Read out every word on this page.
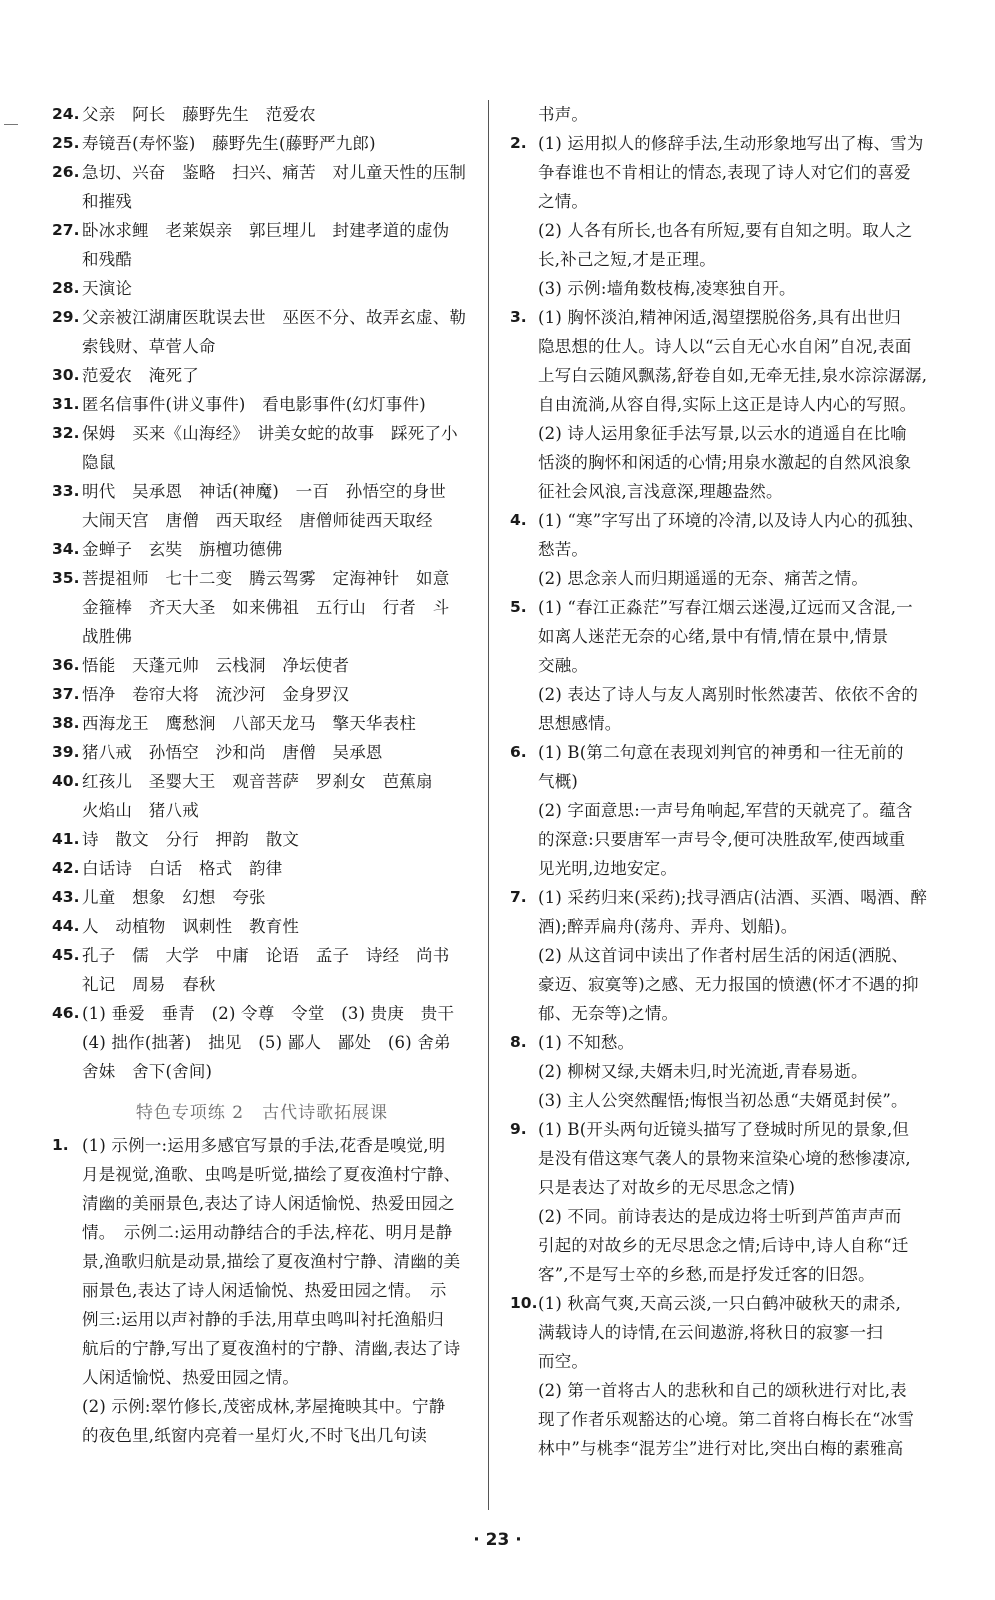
24. 父亲　阿长　藤野先生　范爱农
25. 寿镜吾(寿怀鉴)　藤野先生(藤野严九郎)
26. 急切、兴奋　鉴略　扫兴、痛苦　对儿童天性的压制
和摧残
27. 卧冰求鲤　老莱娱亲　郭巨埋儿　封建孝道的虚伪
和残酷
28. 天演论
29. 父亲被江湖庸医耽误去世　巫医不分、故弄玄虚、勒
索钱财、草菅人命
30. 范爱农　淹死了
31. 匿名信事件(讲义事件)　看电影事件(幻灯事件)
32. 保姆　买来《山海经》　讲美女蛇的故事　踩死了小
隐鼠
33. 明代　吴承恩　神话(神魔)　一百　孙悟空的身世
大闹天宫　唐僧　西天取经　唐僧师徒西天取经
34. 金蝉子　玄奘　旃檀功德佛
35. 菩提祖师　七十二变　腾云驾雾　定海神针　如意
金箍棒　齐天大圣　如来佛祖　五行山　行者　斗
战胜佛
36. 悟能　天蓬元帅　云栈洞　净坛使者
37. 悟净　卷帘大将　流沙河　金身罗汉
38. 西海龙王　鹰愁涧　八部天龙马　擎天华表柱
39. 猪八戒　孙悟空　沙和尚　唐僧　吴承恩
40. 红孩儿　圣婴大王　观音菩萨　罗刹女　芭蕉扇
火焰山　猪八戒
41. 诗　散文　分行　押韵　散文
42. 白话诗　白话　格式　韵律
43. 儿童　想象　幻想　夸张
44. 人　动植物　讽刺性　教育性
45. 孔子　儒　大学　中庸　论语　孟子　诗经　尚书
礼记　周易　春秋
46. (1) 垂爱　垂青　(2) 令尊　令堂　(3) 贵庚　贵干
(4) 拙作(拙著)　拙见　(5) 鄙人　鄙处　(6) 舍弟
舍妹　舍下(舍间)
特色专项练 2　古代诗歌拓展课
1. (1) 示例一:运用多感官写景的手法,花香是嗅觉,明
月是视觉,渔歌、虫鸣是听觉,描绘了夏夜渔村宁静、
清幽的美丽景色,表达了诗人闲适愉悦、热爱田园之
情。　示例二:运用动静结合的手法,梓花、明月是静
景,渔歌归航是动景,描绘了夏夜渔村宁静、清幽的美
丽景色,表达了诗人闲适愉悦、热爱田园之情。　示
例三:运用以声衬静的手法,用草虫鸣叫衬托渔船归
航后的宁静,写出了夏夜渔村的宁静、清幽,表达了诗
人闲适愉悦、热爱田园之情。
(2) 示例:翠竹修长,茂密成林,茅屋掩映其中。宁静
的夜色里,纸窗内亮着一星灯火,不时飞出几句读
书声。
2. (1) 运用拟人的修辞手法,生动形象地写出了梅、雪为
争春谁也不肯相让的情态,表现了诗人对它们的喜爱
之情。
(2) 人各有所长,也各有所短,要有自知之明。取人之
长,补己之短,才是正理。
(3) 示例:墙角数枝梅,凌寒独自开。
3. (1) 胸怀淡泊,精神闲适,渴望摆脱俗务,具有出世归
隐思想的仕人。诗人以“云自无心水自闲”自况,表面
上写白云随风飘荡,舒卷自如,无牵无挂,泉水淙淙潺潺,
自由流淌,从容自得,实际上这正是诗人内心的写照。
(2) 诗人运用象征手法写景,以云水的逍遥自在比喻
恬淡的胸怀和闲适的心情;用泉水激起的自然风浪象
征社会风浪,言浅意深,理趣盎然。
4. (1) “寒”字写出了环境的冷清,以及诗人内心的孤独、
愁苦。
(2) 思念亲人而归期遥遥的无奈、痛苦之情。
5. (1) “春江正淼茫”写春江烟云迷漫,辽远而又含混,一
如离人迷茫无奈的心绪,景中有情,情在景中,情景
交融。
(2) 表达了诗人与友人离别时怅然凄苦、依依不舍的
思想感情。
6. (1) B(第二句意在表现刘判官的神勇和一往无前的
气概)
(2) 字面意思:一声号角响起,军营的天就亮了。蕴含
的深意:只要唐军一声号令,便可决胜敌军,使西域重
见光明,边地安定。
7. (1) 采药归来(采药);找寻酒店(沽酒、买酒、喝酒、醉
酒);醉弄扁舟(荡舟、弄舟、划船)。
(2) 从这首词中读出了作者村居生活的闲适(洒脱、
豪迈、寂寞等)之感、无力报国的愤懑(怀才不遇的抑
郁、无奈等)之情。
8. (1) 不知愁。
(2) 柳树又绿,夫婿未归,时光流逝,青春易逝。
(3) 主人公突然醒悟;悔恨当初怂恿“夫婿觅封侯”。
9. (1) B(开头两句近镜头描写了登城时所见的景象,但
是没有借这寒气袭人的景物来渲染心境的愁惨凄凉,
只是表达了对故乡的无尽思念之情)
(2) 不同。前诗表达的是成边将士听到芦笛声声而
引起的对故乡的无尽思念之情;后诗中,诗人自称“迁
客”,不是写士卒的乡愁,而是抒发迁客的旧怨。
10. (1) 秋高气爽,天高云淡,一只白鹤冲破秋天的肃杀,
满载诗人的诗情,在云间遨游,将秋日的寂寥一扫
而空。
(2) 第一首将古人的悲秋和自己的颂秋进行对比,表
现了作者乐观豁达的心境。第二首将白梅长在“冰雪
林中”与桃李“混芳尘”进行对比,突出白梅的素雅高
· 23 ·
